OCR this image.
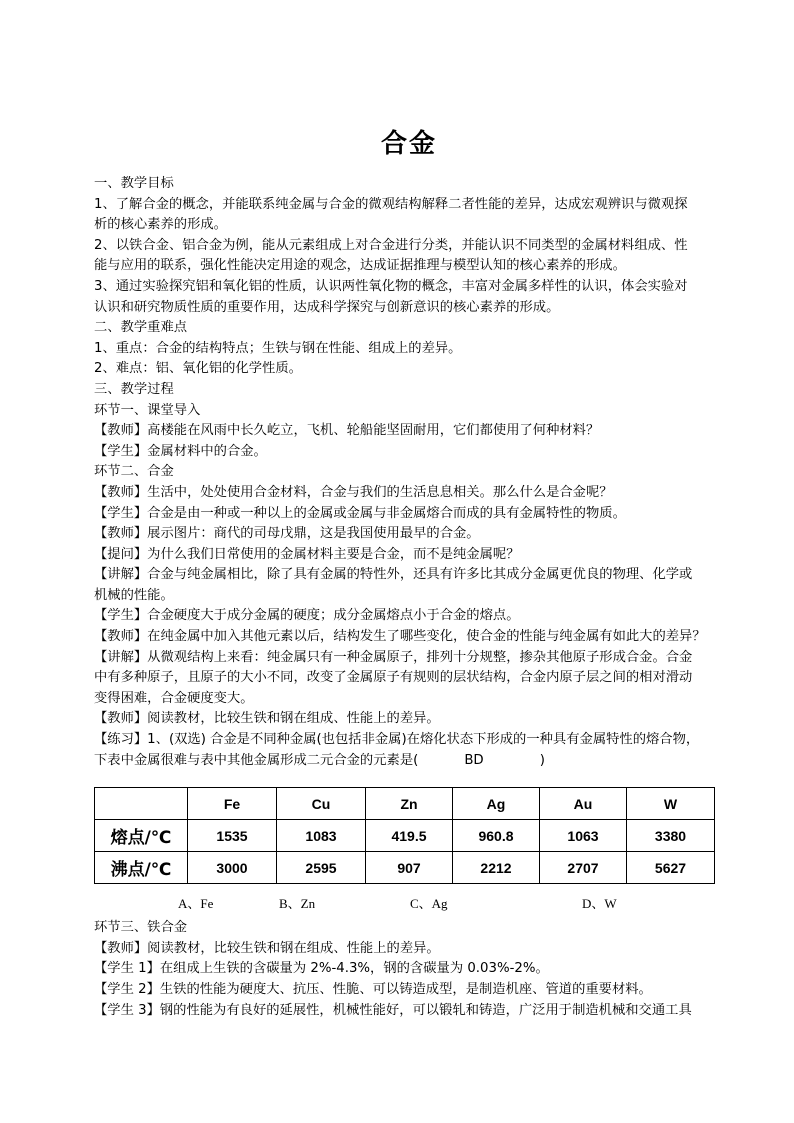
合金

一、教学目标

1、了解合金的概念，并能联系纯金属与合金的微观结构解释二者性能的差异，达成宏观辨识与微观探

析的核心素养的形成。

2、以铁合金、铝合金为例，能从元素组成上对合金进行分类，并能认识不同类型的金属材料组成、性

能与应用的联系，强化性能决定用途的观念，达成证据推理与模型认知的核心素养的形成。

3、通过实验探究铝和氧化铝的性质，认识两性氧化物的概念，丰富对金属多样性的认识，体会实验对

认识和研究物质性质的重要作用，达成科学探究与创新意识的核心素养的形成。

二、教学重难点

1、重点：合金的结构特点；生铁与钢在性能、组成上的差异。

2、难点：铝、氧化铝的化学性质。

三、教学过程

环节一、课堂导入

【教师】高楼能在风雨中长久屹立，飞机、轮船能坚固耐用，它们都使用了何种材料？

【学生】金属材料中的合金。

环节二、合金

【教师】生活中，处处使用合金材料，合金与我们的生活息息相关。那么什么是合金呢？

【学生】合金是由一种或一种以上的金属或金属与非金属熔合而成的具有金属特性的物质。

【教师】展示图片：商代的司母戊鼎，这是我国使用最早的合金。

【提问】为什么我们日常使用的金属材料主要是合金，而不是纯金属呢？

【讲解】合金与纯金属相比，除了具有金属的特性外，还具有许多比其成分金属更优良的物理、化学或

机械的性能。

【学生】合金硬度大于成分金属的硬度；成分金属熔点小于合金的熔点。

【教师】在纯金属中加入其他元素以后，结构发生了哪些变化，使合金的性能与纯金属有如此大的差异？

【讲解】从微观结构上来看：纯金属只有一种金属原子，排列十分规整，掺杂其他原子形成合金。合金

中有多种原子，且原子的大小不同，改变了金属原子有规则的层状结构，合金内原子层之间的相对滑动

变得困难，合金硬度变大。

【教师】阅读教材，比较生铁和钢在组成、性能上的差异。

【练习】1、(双选) 合金是不同种金属(也包括非金属)在熔化状态下形成的一种具有金属特性的熔合物，

下表中金属很难与表中其他金属形成二元合金的元素是(	BD	)

	Fe	Cu	Zn	Ag	Au	W
熔点/℃	1535	1083	419.5	960.8	1063	3380
沸点/℃	3000	2595	907	2212	2707	5627
A、Fe	B、Zn	C、Ag	D、W

环节三、铁合金

【教师】阅读教材，比较生铁和钢在组成、性能上的差异。

【学生 1】在组成上生铁的含碳量为 2%-4.3%，钢的含碳量为 0.03%-2%。

【学生 2】生铁的性能为硬度大、抗压、性脆、可以铸造成型，是制造机座、管道的重要材料。

【学生 3】钢的性能为有良好的延展性，机械性能好，可以锻轧和铸造，广泛用于制造机械和交通工具
